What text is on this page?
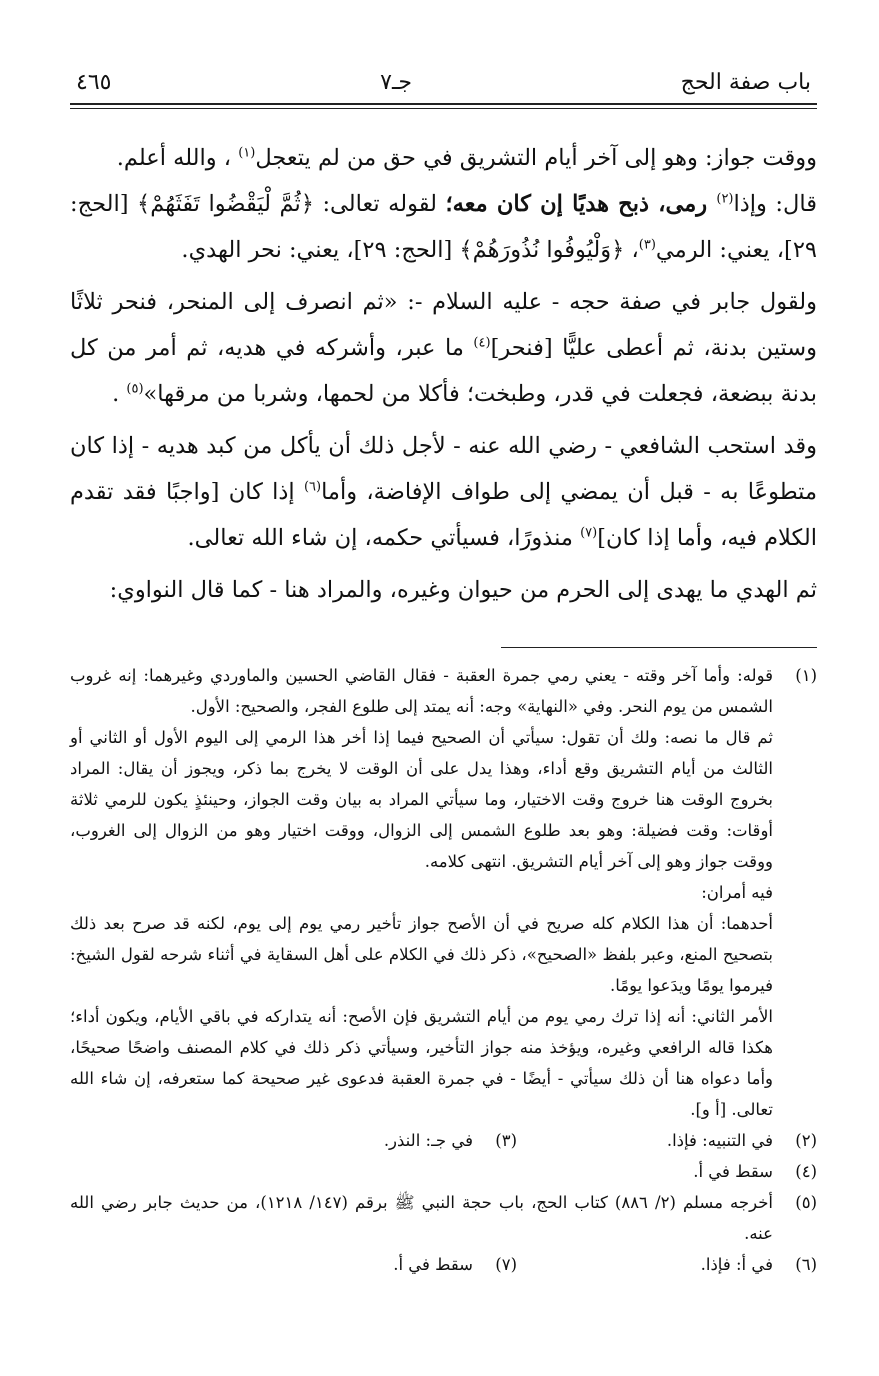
باب صفة الحج
جـ٧
٤٦٥

ووقت جواز: وهو إلى آخر أيام التشريق في حق من لم يتعجل$^{(١)}$ ، والله أعلم.

قال: وإذا$^{(٢)}$ رمى، ذبح هديًا إن كان معه؛ لقوله تعالى: ﴿ثُمَّ لْيَقْضُوا تَفَثَهُمْ﴾ [الحج: ٢٩]، يعني: الرمي$^{(٣)}$، ﴿وَلْيُوفُوا نُذُورَهُمْ﴾ [الحج: ٢٩]، يعني: نحر الهدي.

ولقول جابر في صفة حجه - عليه السلام -: «ثم انصرف إلى المنحر، فنحر ثلاثًا وستين بدنة، ثم أعطى عليًّا [فنحر]$^{(٤)}$ ما عبر، وأشركه في هديه، ثم أمر من كل بدنة ببضعة، فجعلت في قدر، وطبخت؛ فأكلا من لحمها، وشربا من مرقها»$^{(٥)}$ .

وقد استحب الشافعي - رضي الله عنه - لأجل ذلك أن يأكل من كبد هديه - إذا كان متطوعًا به - قبل أن يمضي إلى طواف الإفاضة، وأما$^{(٦)}$ إذا كان [واجبًا فقد تقدم الكلام فيه، وأما إذا كان]$^{(٧)}$ منذورًا، فسيأتي حكمه، إن شاء الله تعالى.

ثم الهدي ما يهدى إلى الحرم من حيوان وغيره، والمراد هنا - كما قال النواوي:

(١)

قوله: وأما آخر وقته - يعني رمي جمرة العقبة - فقال القاضي الحسين والماوردي وغيرهما: إنه غروب الشمس من يوم النحر. وفي «النهاية» وجه: أنه يمتد إلى طلوع الفجر، والصحيح: الأول.

ثم قال ما نصه: ولك أن تقول: سيأتي أن الصحيح فيما إذا أخر هذا الرمي إلى اليوم الأول أو الثاني أو الثالث من أيام التشريق وقع أداء، وهذا يدل على أن الوقت لا يخرج بما ذكر، ويجوز أن يقال: المراد بخروج الوقت هنا خروج وقت الاختيار، وما سيأتي المراد به بيان وقت الجواز، وحينئذٍ يكون للرمي ثلاثة أوقات: وقت فضيلة: وهو بعد طلوع الشمس إلى الزوال، ووقت اختيار وهو من الزوال إلى الغروب، ووقت جواز وهو إلى آخر أيام التشريق. انتهى كلامه.

فيه أمران:

أحدهما: أن هذا الكلام كله صريح في أن الأصح جواز تأخير رمي يوم إلى يوم، لكنه قد صرح بعد ذلك بتصحيح المنع، وعبر بلفظ «الصحيح»، ذكر ذلك في الكلام على أهل السقاية في أثناء شرحه لقول الشيخ: فيرموا يومًا ويدَعوا يومًا.

الأمر الثاني: أنه إذا ترك رمي يوم من أيام التشريق فإن الأصح: أنه يتداركه في باقي الأيام، ويكون أداء؛ هكذا قاله الرافعي وغيره، ويؤخذ منه جواز التأخير، وسيأتي ذكر ذلك في كلام المصنف واضحًا صحيحًا، وأما دعواه هنا أن ذلك سيأتي - أيضًا - في جمرة العقبة فدعوى غير صحيحة كما ستعرفه، إن شاء الله تعالى. [أ و].

(٢)
في التنبيه: فإذا.
(٣)
في جـ: النذر.
(٤)
سقط في أ.
(٥)
أخرجه مسلم (٢/ ٨٨٦) كتاب الحج، باب حجة النبي ﷺ برقم (١٤٧/ ١٢١٨)، من حديث جابر رضي الله عنه.
(٦)
في أ: فإذا.
(٧)
سقط في أ.
